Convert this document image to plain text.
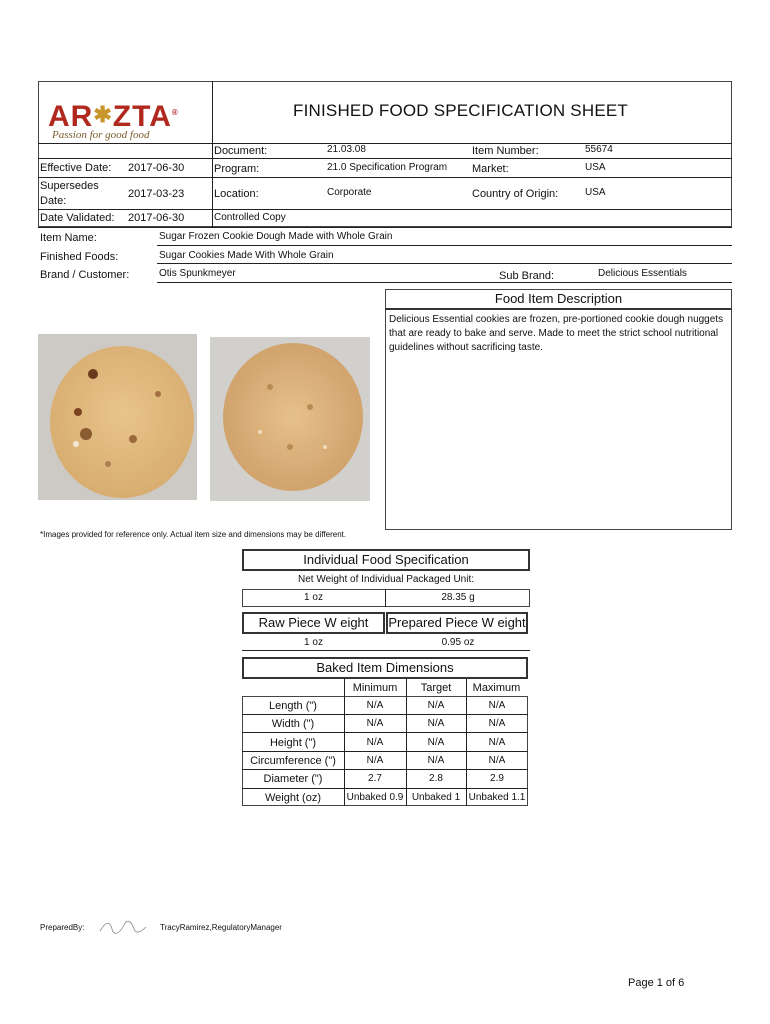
AR✱ZTA®
Passion for good food
FINISHED FOOD SPECIFICATION SHEET
Document:	21.03.08	Item Number:	55674
Effective Date: 2017-06-30	Program:	21.0 Specification Program Market:	USA
Supersedes
Date:
2017-03-23	Location:	Corporate	Country of Origin:	USA
Date Validated: 2017-06-30	Controlled Copy
Item Name:	Sugar Frozen Cookie Dough Made with Whole Grain
Finished Foods:	Sugar Cookies Made With Whole Grain
Brand / Customer:	Otis Spunkmeyer	Sub Brand:	Delicious Essentials
Food Item Description
Delicious Essential cookies are frozen, pre-portioned cookie dough nuggets
that are ready to bake and serve. Made to meet the strict school nutritional
guidelines without sacrificing taste.
*Images provided for reference only. Actual item size and dimensions may be different.
Individual Food Specification
Net Weight of Individual Packaged Unit:
1 oz	28.35 g
Raw Piece W eight	Prepared Piece W eight
1 oz	0.95 oz
Baked Item Dimensions
Minimum	Target	Maximum
Length (")	N/A	N/A	N/A
Width (")	N/A	N/A	N/A
Height (")	N/A	N/A	N/A
Circumference (")	N/A	N/A	N/A
Diameter (")	2.7	2.8	2.9
Weight (oz)	Unbaked 0.9 Unbaked 1 Unbaked 1.1
PreparedBy:	TracyRamirez,RegulatoryManager
Page 1 of 6
